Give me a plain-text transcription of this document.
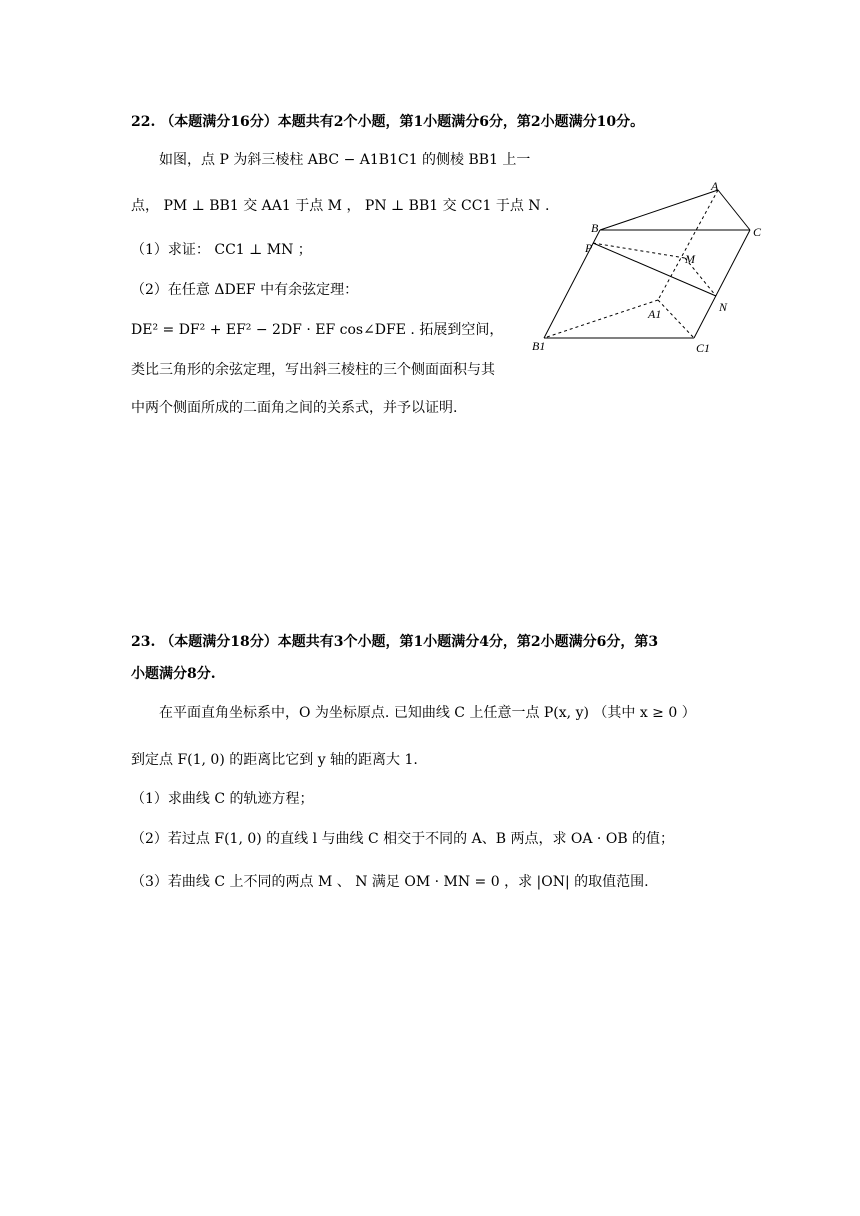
22. （本题满分16分）本题共有2个小题，第1小题满分6分，第2小题满分10分。
如图，点 P 为斜三棱柱 ABC − A1B1C1 的侧棱 BB1 上一
点， PM ⊥ BB1 交 AA1 于点 M ， PN ⊥ BB1 交 CC1 于点 N .
（1）求证： CC1 ⊥ MN ；
（2）在任意 ΔDEF 中有余弦定理：
DE² = DF² + EF² − 2DF · EF cos∠DFE . 拓展到空间，
类比三角形的余弦定理，写出斜三棱柱的三个侧面面积与其
中两个侧面所成的二面角之间的关系式，并予以证明.
A
B	C
P
M
N
A1
B1	C1
23. （本题满分18分）本题共有3个小题，第1小题满分4分，第2小题满分6分，第3
小题满分8分.
在平面直角坐标系中，O 为坐标原点. 已知曲线 C 上任意一点 P(x, y) （其中 x ≥ 0 ）
到定点 F(1, 0) 的距离比它到 y 轴的距离大 1.
（1）求曲线 C 的轨迹方程；
（2）若过点 F(1, 0) 的直线 l 与曲线 C 相交于不同的 A、B 两点，求 OA · OB 的值；
（3）若曲线 C 上不同的两点 M 、 N 满足 OM · MN = 0 ，求 |ON| 的取值范围.
